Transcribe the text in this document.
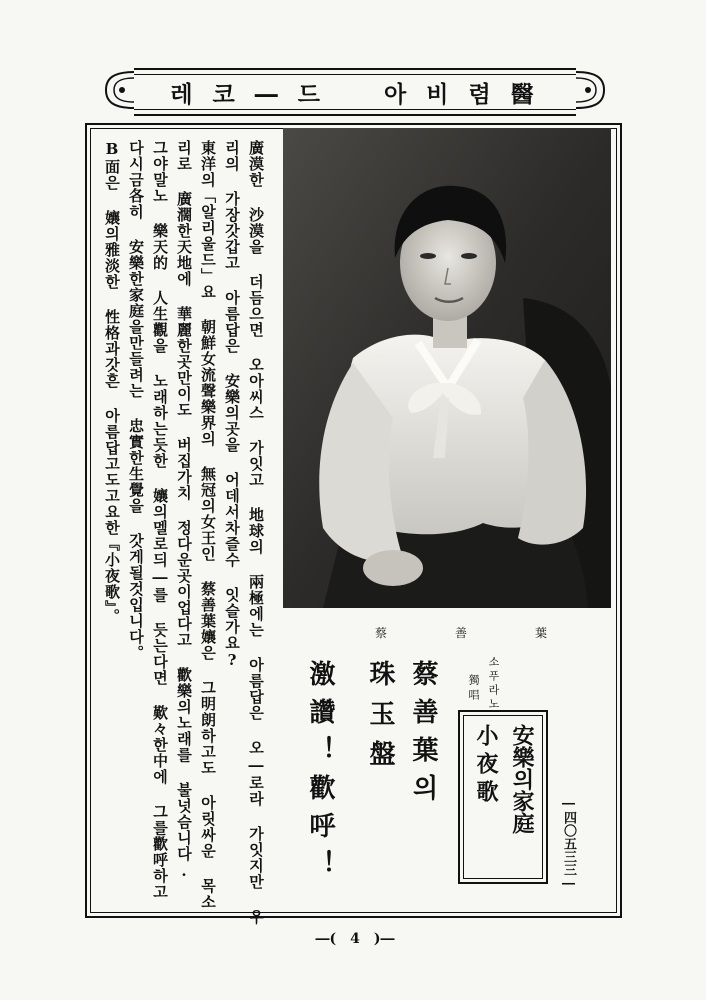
레 코 ― 드　　아 비 렴 醫
廣漠한 沙漠을 더듬으면 오아씨스 가잇고 地球의 兩極에는 아름답은 오―로라 가잇지만 우
리의 가장갓갑고 아름답은 安樂의곳을 어데서차즐수 잇슬가요?
東洋의「알리울드」요 朝鮮女流聲樂界의 無冠의女王인 蔡善葉孃은 그明朗하고도 아릿싸운 목소
리로 廣濶한天地에 華麗한곳만이도 버집가치 정다운곳이업다고 歡樂의노래를 불넛슴니다.
그야말노 樂天的 人生觀을 노래하는듯한 孃의멜로듸―를 듯는다면 歎々한中에 그를歡呼하고
다시금各히 安樂한家庭을만들려는 忠實한生覺을 갓게될것입니다。
B面은 孃의雅淡한 性格과갓흔 아름답고도고요한『小夜歌』。
蔡　善　葉
激讚！歡呼！ 珠玉盤 蔡善葉의	소푸라노
獨唱
安樂의家庭
小夜歌
―四〇五三三―
―(　4　)―
